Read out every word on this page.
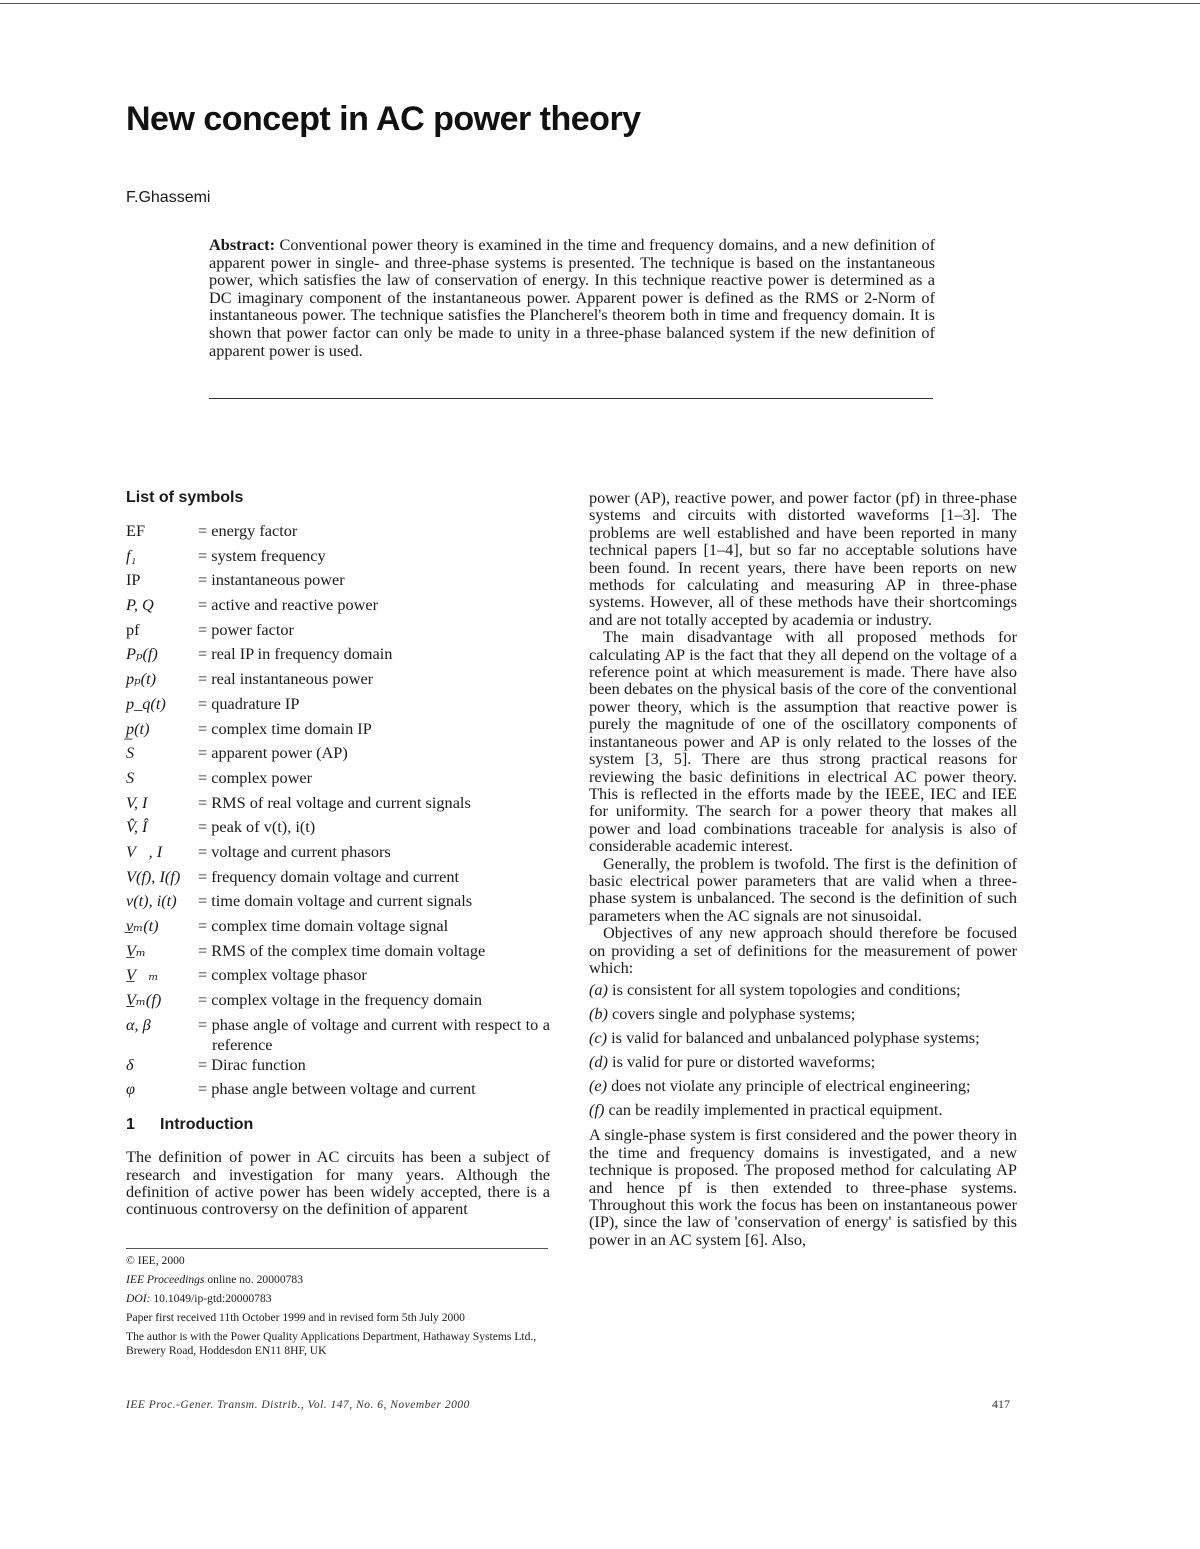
New concept in AC power theory
F.Ghassemi

Abstract: Conventional power theory is examined in the time and frequency domains, and a new definition of apparent power in single- and three-phase systems is presented. The technique is based on the instantaneous power, which satisfies the law of conservation of energy. In this technique reactive power is determined as a DC imaginary component of the instantaneous power. Apparent power is defined as the RMS or 2-Norm of instantaneous power. The technique satisfies the Plancherel's theorem both in time and frequency domain. It is shown that power factor can only be made to unity in a three-phase balanced system if the new definition of apparent power is used.

List of symbols
EF	= energy factor
f₁	= system frequency
IP	= instantaneous power
P, Q	= active and reactive power
pf	= power factor
Pₚ(f)	= real IP in frequency domain
pₚ(t)	= real instantaneous power
p_q(t)	= quadrature IP
p̲(t)	= complex time domain IP
S	= apparent power (AP)
S⃗	= complex power
V, I	= RMS of real voltage and current signals
V̂, Î	= peak of v(t), i(t)
V⃗, I⃗	= voltage and current phasors
V(f), I(f)	= frequency domain voltage and current
v(t), i(t)	= time domain voltage and current signals
v̲ₘ(t)	= complex time domain voltage signal
V̲ₘ	= RMS of the complex time domain voltage
V̲⃗ₘ	= complex voltage phasor
V̲ₘ(f)	= complex voltage in the frequency domain
α, β	= phase angle of voltage and current with respect to a reference
δ	= Dirac function
φ	= phase angle between voltage and current
1	Introduction

The definition of power in AC circuits has been a subject of research and investigation for many years. Although the definition of active power has been widely accepted, there is a continuous controversy on the definition of apparent

© IEE, 2000

IEE Proceedings online no. 20000783

DOI: 10.1049/ip-gtd:20000783

Paper first received 11th October 1999 and in revised form 5th July 2000

The author is with the Power Quality Applications Department, Hathaway Systems Ltd., Brewery Road, Hoddesdon EN11 8HF, UK

power (AP), reactive power, and power factor (pf) in three-phase systems and circuits with distorted waveforms [1–3]. The problems are well established and have been reported in many technical papers [1–4], but so far no acceptable solutions have been found. In recent years, there have been reports on new methods for calculating and measuring AP in three-phase systems. However, all of these methods have their shortcomings and are not totally accepted by academia or industry.

The main disadvantage with all proposed methods for calculating AP is the fact that they all depend on the voltage of a reference point at which measurement is made. There have also been debates on the physical basis of the core of the conventional power theory, which is the assumption that reactive power is purely the magnitude of one of the oscillatory components of instantaneous power and AP is only related to the losses of the system [3, 5]. There are thus strong practical reasons for reviewing the basic definitions in electrical AC power theory. This is reflected in the efforts made by the IEEE, IEC and IEE for uniformity. The search for a power theory that makes all power and load combinations traceable for analysis is also of considerable academic interest.

Generally, the problem is twofold. The first is the definition of basic electrical power parameters that are valid when a three-phase system is unbalanced. The second is the definition of such parameters when the AC signals are not sinusoidal.

Objectives of any new approach should therefore be focused on providing a set of definitions for the measurement of power which:

(a) is consistent for all system topologies and conditions;

(b) covers single and polyphase systems;

(c) is valid for balanced and unbalanced polyphase systems;

(d) is valid for pure or distorted waveforms;

(e) does not violate any principle of electrical engineering;

(f) can be readily implemented in practical equipment.

A single-phase system is first considered and the power theory in the time and frequency domains is investigated, and a new technique is proposed. The proposed method for calculating AP and hence pf is then extended to three-phase systems. Throughout this work the focus has been on instantaneous power (IP), since the law of 'conservation of energy' is satisfied by this power in an AC system [6]. Also,

IEE Proc.-Gener. Transm. Distrib., Vol. 147, No. 6, November 2000	417
